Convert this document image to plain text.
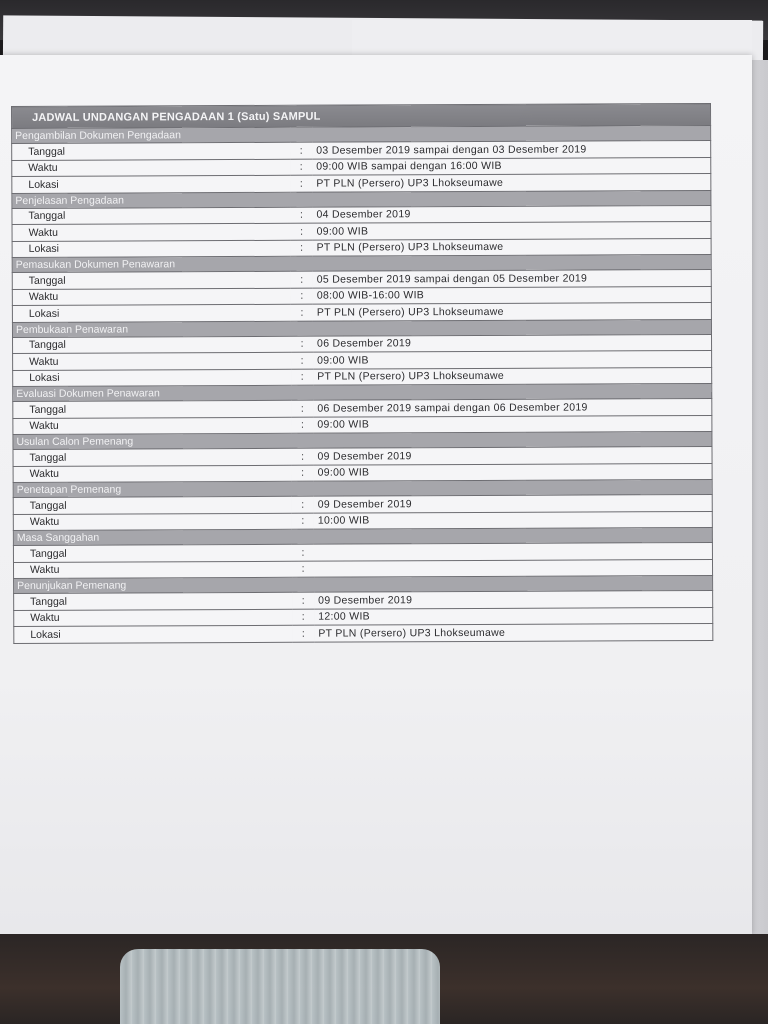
JADWAL UNDANGAN PENGADAAN 1 (Satu) SAMPUL		
Pengambilan Dokumen Pengadaan		
Tanggal	:	03 Desember 2019 sampai dengan 03 Desember 2019
Waktu	:	09:00 WIB sampai dengan 16:00 WIB
Lokasi	:	PT PLN (Persero) UP3 Lhokseumawe
Penjelasan Pengadaan		
Tanggal	:	04 Desember 2019
Waktu	:	09:00 WIB
Lokasi	:	PT PLN (Persero) UP3 Lhokseumawe
Pemasukan Dokumen Penawaran		
Tanggal	:	05 Desember 2019 sampai dengan 05 Desember 2019
Waktu	:	08:00 WIB-16:00 WIB
Lokasi	:	PT PLN (Persero) UP3 Lhokseumawe
Pembukaan Penawaran		
Tanggal	:	06 Desember 2019
Waktu	:	09:00 WIB
Lokasi	:	PT PLN (Persero) UP3 Lhokseumawe
Evaluasi Dokumen Penawaran		
Tanggal	:	06 Desember 2019 sampai dengan 06 Desember 2019
Waktu	:	09:00 WIB
Usulan Calon Pemenang		
Tanggal	:	09 Desember 2019
Waktu	:	09:00 WIB
Penetapan Pemenang		
Tanggal	:	09 Desember 2019
Waktu	:	10:00 WIB
Masa Sanggahan		
Tanggal	:	
Waktu	:	
Penunjukan Pemenang		
Tanggal	:	09 Desember 2019
Waktu	:	12:00 WIB
Lokasi	:	PT PLN (Persero) UP3 Lhokseumawe
